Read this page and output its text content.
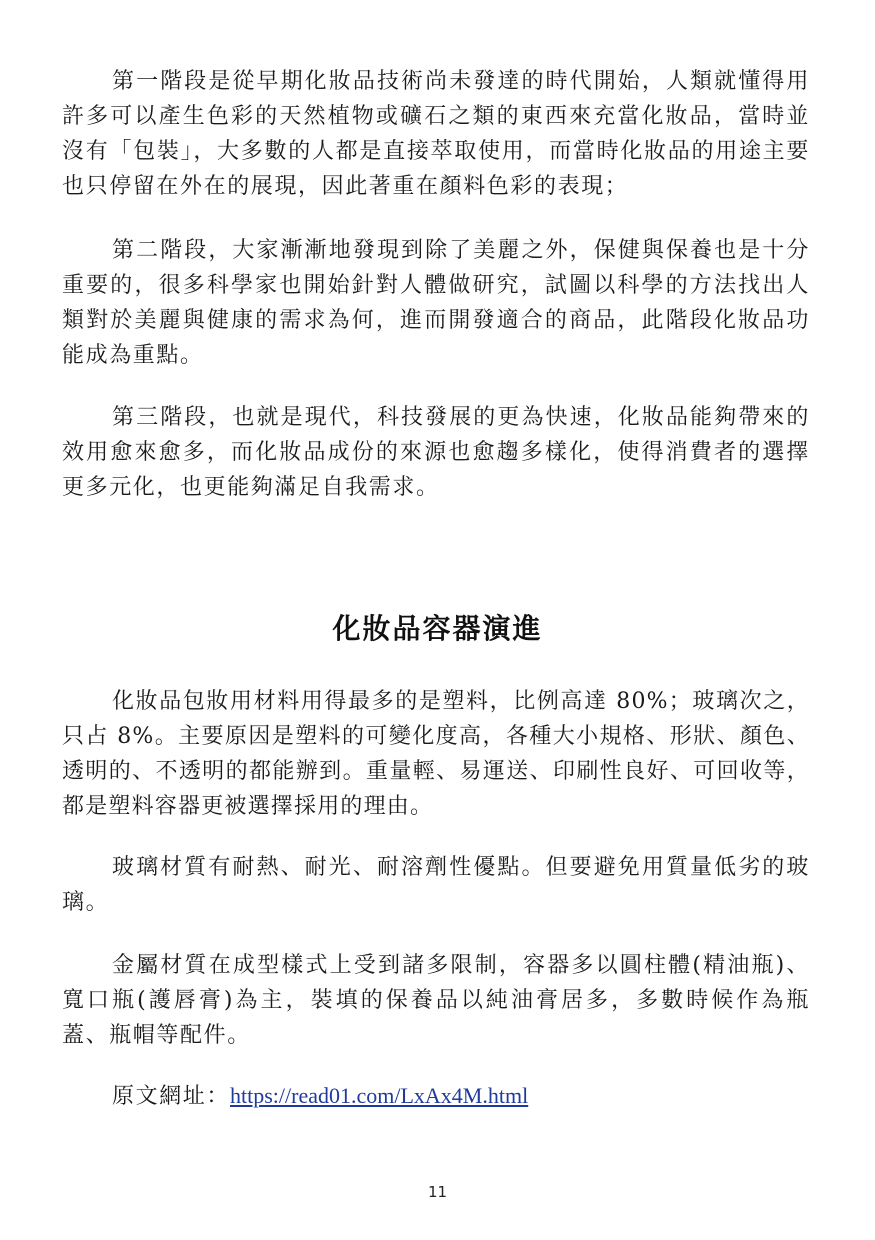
第一階段是從早期化妝品技術尚未發達的時代開始，人類就懂得用許多可以產生色彩的天然植物或礦石之類的東西來充當化妝品，當時並沒有「包裝」，大多數的人都是直接萃取使用，而當時化妝品的用途主要也只停留在外在的展現，因此著重在顏料色彩的表現；

第二階段，大家漸漸地發現到除了美麗之外，保健與保養也是十分重要的，很多科學家也開始針對人體做研究，試圖以科學的方法找出人類對於美麗與健康的需求為何，進而開發適合的商品，此階段化妝品功能成為重點。

第三階段，也就是現代，科技發展的更為快速，化妝品能夠帶來的效用愈來愈多，而化妝品成份的來源也愈趨多樣化，使得消費者的選擇更多元化，也更能夠滿足自我需求。

化妝品容器演進

化妝品包妝用材料用得最多的是塑料，比例高達 80%；玻璃次之，只占 8%。主要原因是塑料的可變化度高，各種大小規格、形狀、顏色、透明的、不透明的都能辦到。重量輕、易運送、印刷性良好、可回收等，都是塑料容器更被選擇採用的理由。

玻璃材質有耐熱、耐光、耐溶劑性優點。但要避免用質量低劣的玻璃。

金屬材質在成型樣式上受到諸多限制，容器多以圓柱體(精油瓶)、寬口瓶(護唇膏)為主，裝填的保養品以純油膏居多，多數時候作為瓶蓋、瓶帽等配件。

原文網址：https://read01.com/LxAx4M.html

11
